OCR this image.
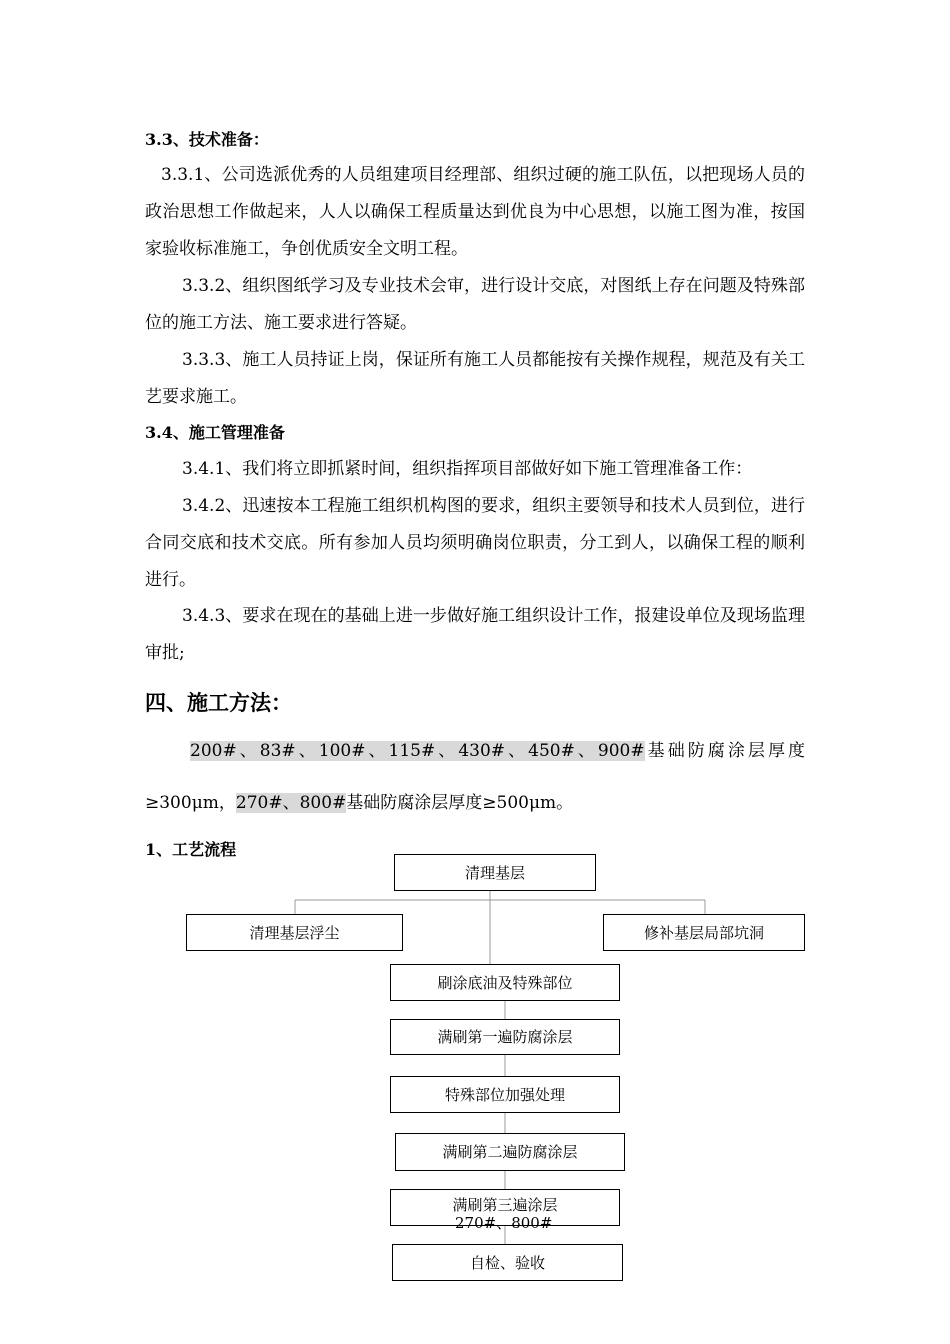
3.3、技术准备：

3.3.1、公司选派优秀的人员组建项目经理部、组织过硬的施工队伍，以把现场人员的政治思想工作做起来，人人以确保工程质量达到优良为中心思想，以施工图为准，按国家验收标准施工，争创优质安全文明工程。

3.3.2、组织图纸学习及专业技术会审，进行设计交底，对图纸上存在问题及特殊部位的施工方法、施工要求进行答疑。

3.3.3、施工人员持证上岗，保证所有施工人员都能按有关操作规程，规范及有关工艺要求施工。

3.4、施工管理准备

3.4.1、我们将立即抓紧时间，组织指挥项目部做好如下施工管理准备工作：

3.4.2、迅速按本工程施工组织机构图的要求，组织主要领导和技术人员到位，进行合同交底和技术交底。所有参加人员均须明确岗位职责，分工到人，以确保工程的顺利进行。

3.4.3、要求在现在的基础上进一步做好施工组织设计工作，报建设单位及现场监理审批;

四、施工方法：
200#、83#、100#、115#、430#、450#、900#基础防腐涂层厚度
≥300μm，270#、800#基础防腐涂层厚度≥500μm。
1、工艺流程
清理基层
清理基层浮尘	修补基层局部坑洞
刷涂底油及特殊部位
满刷第一遍防腐涂层
特殊部位加强处理
满刷第二遍防腐涂层
满刷第三遍涂层
270#、800#
自检、验收
